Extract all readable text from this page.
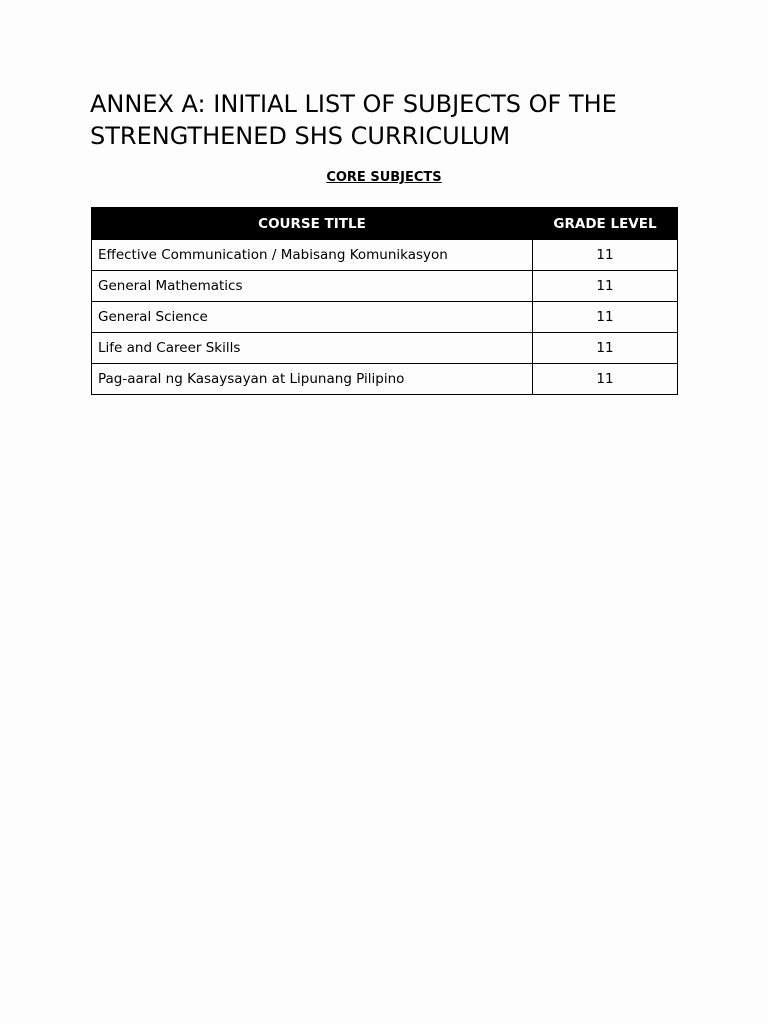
ANNEX A: INITIAL LIST OF SUBJECTS OF THE
STRENGTHENED SHS CURRICULUM
CORE SUBJECTS
COURSE TITLE	GRADE LEVEL
Effective Communication / Mabisang Komunikasyon	11
General Mathematics	11
General Science	11
Life and Career Skills	11
Pag-aaral ng Kasaysayan at Lipunang Pilipino	11
